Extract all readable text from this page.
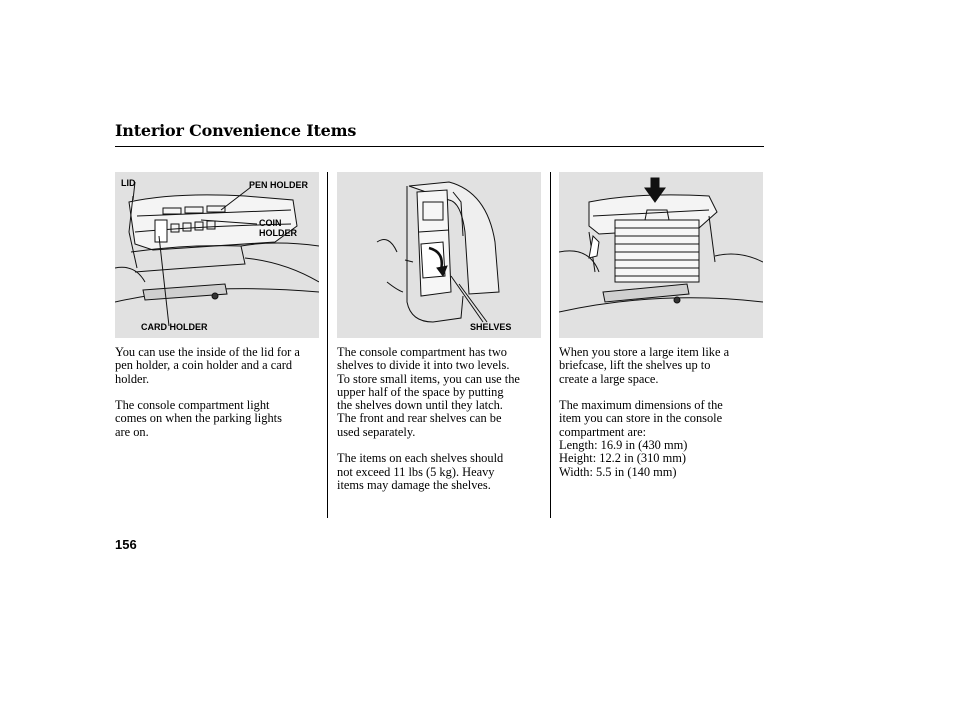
Interior Convenience Items
LID	PEN HOLDER
COIN
HOLDER
CARD HOLDER	SHELVES

You can use the inside of the lid for a
pen holder, a coin holder and a card
holder.

The console compartment light
comes on when the parking lights
are on.

The console compartment has two
shelves to divide it into two levels.
To store small items, you can use the
upper half of the space by putting
the shelves down until they latch.
The front and rear shelves can be
used separately.

The items on each shelves should
not exceed 11 lbs (5 kg). Heavy
items may damage the shelves.

When you store a large item like a
briefcase, lift the shelves up to
create a large space.

The maximum dimensions of the
item you can store in the console
compartment are:
Length: 16.9 in (430 mm)
Height: 12.2 in (310 mm)
Width: 5.5 in (140 mm)

156
